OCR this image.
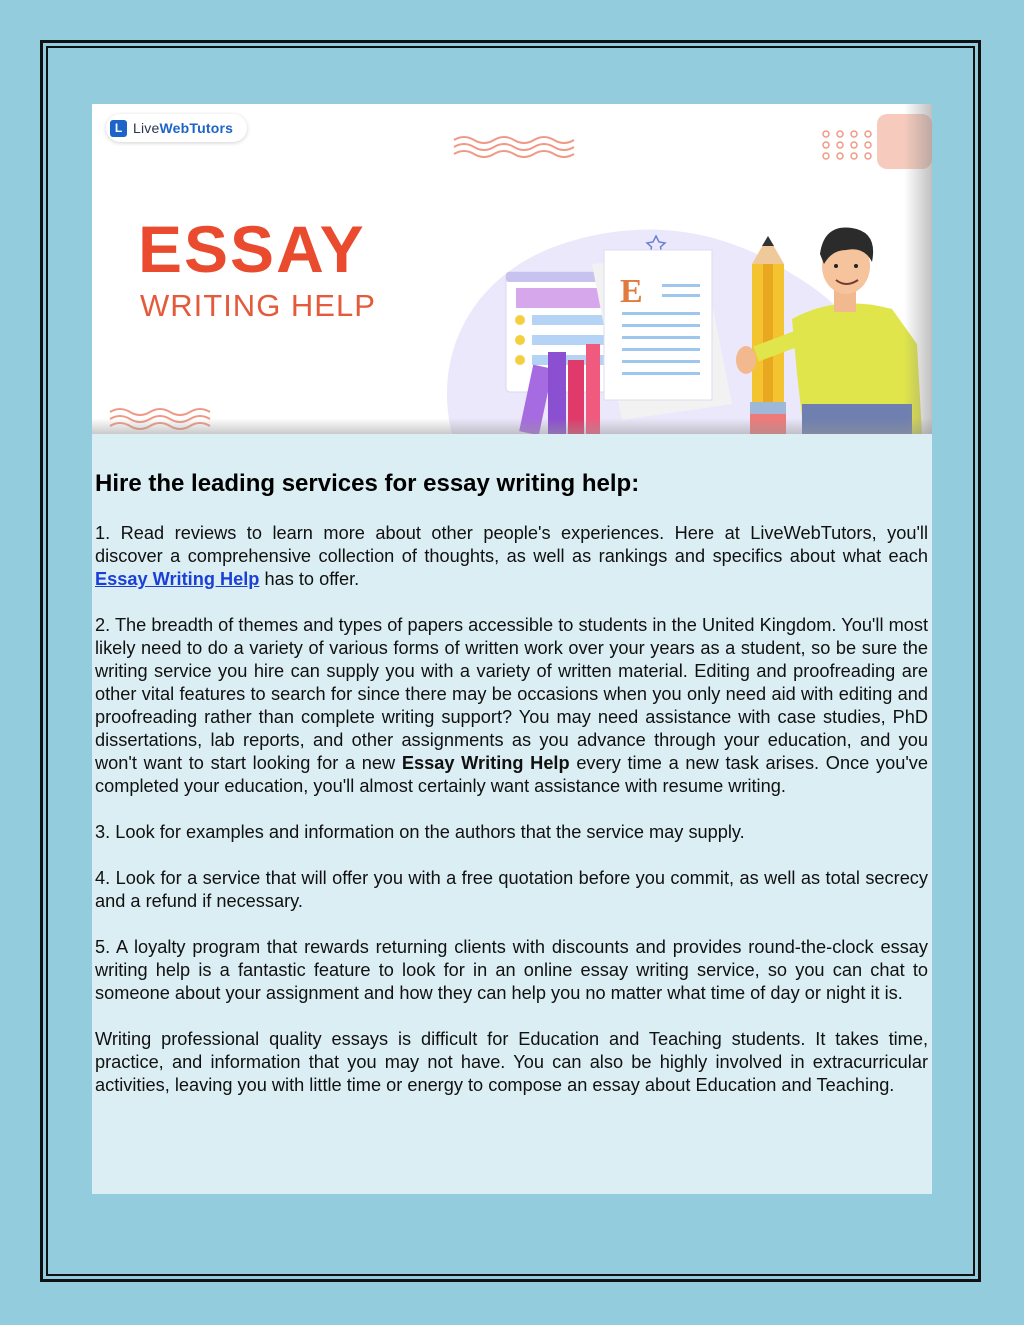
L LiveWebTutors
E
ESSAY
WRITING HELP
Hire the leading services for essay writing help:

1. Read reviews to learn more about other people's experiences. Here at LiveWebTutors, you'll discover a comprehensive collection of thoughts, as well as rankings and specifics about what each Essay Writing Help has to offer.

2. The breadth of themes and types of papers accessible to students in the United Kingdom. You'll most likely need to do a variety of various forms of written work over your years as a student, so be sure the writing service you hire can supply you with a variety of written material. Editing and proofreading are other vital features to search for since there may be occasions when you only need aid with editing and proofreading rather than complete writing support? You may need assistance with case studies, PhD dissertations, lab reports, and other assignments as you advance through your education, and you won't want to start looking for a new Essay Writing Help every time a new task arises. Once you've completed your education, you'll almost certainly want assistance with resume writing.

3. Look for examples and information on the authors that the service may supply.

4. Look for a service that will offer you with a free quotation before you commit, as well as total secrecy and a refund if necessary.

5. A loyalty program that rewards returning clients with discounts and provides round-the-clock essay writing help is a fantastic feature to look for in an online essay writing service, so you can chat to someone about your assignment and how they can help you no matter what time of day or night it is.

Writing professional quality essays is difficult for Education and Teaching students. It takes time, practice, and information that you may not have. You can also be highly involved in extracurricular activities, leaving you with little time or energy to compose an essay about Education and Teaching.
